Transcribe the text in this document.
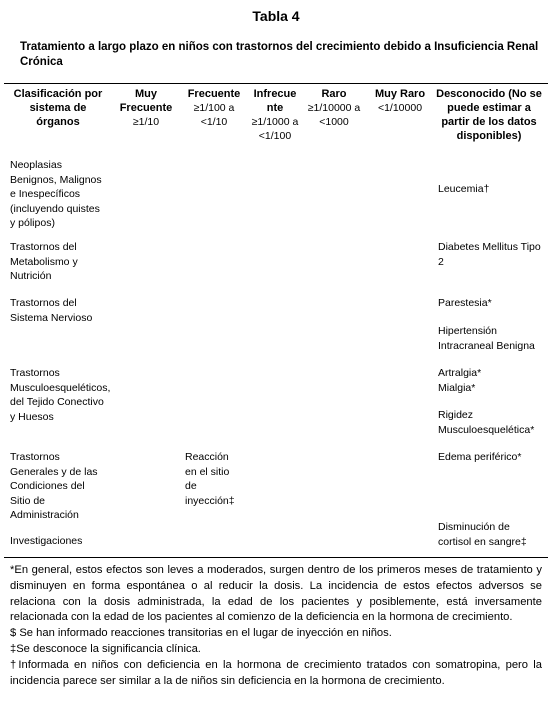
Tabla 4
Tratamiento a largo plazo en niños con trastornos del crecimiento debido a Insuficiencia Renal Crónica
Clasificación por sistema de órganos
Muy Frecuente
≥1/10
Frecuente
≥1/100 a <1/10
Infrecue nte
≥1/1000 a <1/100
Raro
≥1/10000 a <1000
Muy Raro
<1/10000
Desconocido (No se puede estimar a partir de los datos disponibles)
Neoplasias Benignos, Malignos e Inespecíficos (incluyendo quistes y pólipos)
Leucemia†
Trastornos del Metabolismo y Nutrición
Diabetes Mellitus Tipo 2
Trastornos del Sistema Nervioso
Parestesia*
Hipertensión Intracraneal Benigna
Trastornos Musculoesqueléticos, del Tejido Conectivo y Huesos
Artralgia* Mialgia*
Rigidez Musculoesquelética*
Trastornos Generales y de las Condiciones del Sitio de Administración
Reacción en el sitio de inyección‡
Edema periférico*
Investigaciones
Disminución de cortisol en sangre‡
*En general, estos efectos son leves a moderados, surgen dentro de los primeros meses de tratamiento y disminuyen en forma espontánea o al reducir la dosis. La incidencia de estos efectos adversos se relaciona con la dosis administrada, la edad de los pacientes y posiblemente, está inversamente relacionada con la edad de los pacientes al comienzo de la deficiencia en la hormona de crecimiento.
$ Se han informado reacciones transitorias en el lugar de inyección en niños.
‡Se desconoce la significancia clínica.
†Informada en niños con deficiencia en la hormona de crecimiento tratados con somatropina, pero la incidencia parece ser similar a la de niños sin deficiencia en la hormona de crecimiento.
